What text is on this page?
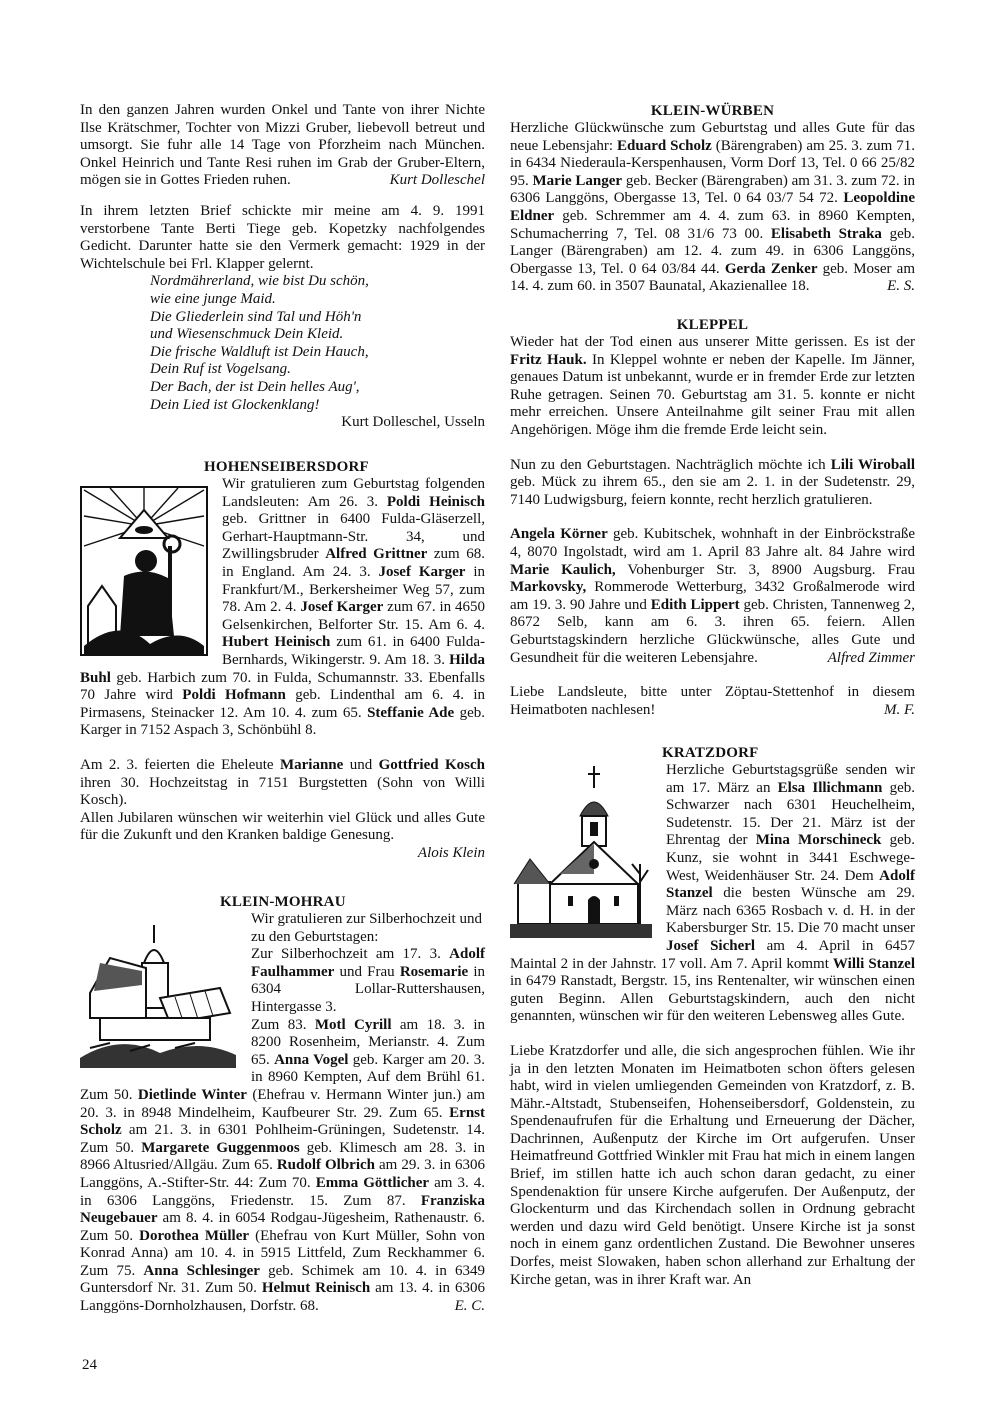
In den ganzen Jahren wurden Onkel und Tante von ihrer Nichte Ilse Krätschmer, Tochter von Mizzi Gruber, liebevoll betreut und umsorgt. Sie fuhr alle 14 Tage von Pforzheim nach München. Onkel Heinrich und Tante Resi ruhen im Grab der Gruber-Eltern, mögen sie in Gottes Frieden ruhen.	Kurt Dolleschel

In ihrem letzten Brief schickte mir meine am 4. 9. 1991 verstorbene Tante Berti Tiege geb. Kopetzky nachfolgendes Gedicht. Darunter hatte sie den Vermerk gemacht: 1929 in der Wichtelschule bei Frl. Klapper gelernt.

Nordmährerland, wie bist Du schön,
wie eine junge Maid.
Die Gliederlein sind Tal und Höh'n
und Wiesenschmuck Dein Kleid.
Die frische Waldluft ist Dein Hauch,
Dein Ruf ist Vogelsang.
Der Bach, der ist Dein helles Aug',
Dein Lied ist Glockenklang!
Kurt Dolleschel, Usseln
HOHENSEIBERSDORF

Wir gratulieren zum Geburtstag folgenden Landsleuten: Am 26. 3. Poldi Heinisch geb. Grittner in 6400 Fulda-Gläserzell, Gerhart-Hauptmann-Str. 34, und Zwillingsbruder Alfred Grittner zum 68. in England. Am 24. 3. Josef Karger in Frankfurt/M., Berkersheimer Weg 57, zum 78. Am 2. 4. Josef Karger zum 67. in 4650 Gelsenkirchen, Belforter Str. 15. Am 6. 4. Hubert Heinisch zum 61. in 6400 Fulda-Bernhards, Wikingerstr. 9. Am 18. 3. Hilda Buhl geb. Harbich zum 70. in Fulda, Schumannstr. 33. Ebenfalls 70 Jahre wird Poldi Hofmann geb. Lindenthal am 6. 4. in Pirmasens, Steinacker 12. Am 10. 4. zum 65. Steffanie Ade geb. Karger in 7152 Aspach 3, Schönbühl 8.

Am 2. 3. feierten die Eheleute Marianne und Gottfried Kosch ihren 30. Hochzeitstag in 7151 Burgstetten (Sohn von Willi Kosch).

Allen Jubilaren wünschen wir weiterhin viel Glück und alles Gute für die Zukunft und den Kranken baldige Genesung.

Alois Klein
KLEIN-MOHRAU

Wir gratulieren zur Silberhochzeit und zu den Geburtstagen:

Zur Silberhochzeit am 17. 3. Adolf Faulhammer und Frau Rosemarie in 6304 Lollar-Ruttershausen, Hintergasse 3.

Zum 83. Motl Cyrill am 18. 3. in 8200 Rosenheim, Merianstr. 4. Zum 65. Anna Vogel geb. Karger am 20. 3. in 8960 Kempten, Auf dem Brühl 61. Zum 50. Dietlinde Winter (Ehefrau v. Hermann Winter jun.) am 20. 3. in 8948 Mindelheim, Kaufbeurer Str. 29. Zum 65. Ernst Scholz am 21. 3. in 6301 Pohlheim-Grüningen, Sudetenstr. 14. Zum 50. Margarete Guggenmoos geb. Klimesch am 28. 3. in 8966 Altusried/Allgäu. Zum 65. Rudolf Olbrich am 29. 3. in 6306 Langgöns, A.-Stifter-Str. 44: Zum 70. Emma Göttlicher am 3. 4. in 6306 Langgöns, Friedenstr. 15. Zum 87. Franziska Neugebauer am 8. 4. in 6054 Rodgau-Jügesheim, Rathenaustr. 6. Zum 50. Dorothea Müller (Ehefrau von Kurt Müller, Sohn von Konrad Anna) am 10. 4. in 5915 Littfeld, Zum Reckhammer 6. Zum 75. Anna Schlesinger geb. Schimek am 10. 4. in 6349 Guntersdorf Nr. 31. Zum 50. Helmut Reinisch am 13. 4. in 6306 Langgöns-Dornholzhausen, Dorfstr. 68.	E. C.

KLEIN-WÜRBEN

Herzliche Glückwünsche zum Geburtstag und alles Gute für das neue Lebensjahr: Eduard Scholz (Bärengraben) am 25. 3. zum 71. in 6434 Niederaula-Kerspenhausen, Vorm Dorf 13, Tel. 0 66 25/82 95. Marie Langer geb. Becker (Bärengraben) am 31. 3. zum 72. in 6306 Langgöns, Obergasse 13, Tel. 0 64 03/7 54 72. Leopoldine Eldner geb. Schremmer am 4. 4. zum 63. in 8960 Kempten, Schumacherring 7, Tel. 08 31/6 73 00. Elisabeth Straka geb. Langer (Bärengraben) am 12. 4. zum 49. in 6306 Langgöns, Obergasse 13, Tel. 0 64 03/84 44. Gerda Zenker geb. Moser am 14. 4. zum 60. in 3507 Baunatal, Akazienallee 18.	E. S.

KLEPPEL

Wieder hat der Tod einen aus unserer Mitte gerissen. Es ist der Fritz Hauk. In Kleppel wohnte er neben der Kapelle. Im Jänner, genaues Datum ist unbekannt, wurde er in fremder Erde zur letzten Ruhe getragen. Seinen 70. Geburtstag am 31. 5. konnte er nicht mehr erreichen. Unsere Anteilnahme gilt seiner Frau mit allen Angehörigen. Möge ihm die fremde Erde leicht sein.

Nun zu den Geburtstagen. Nachträglich möchte ich Lili Wiroball geb. Mück zu ihrem 65., den sie am 2. 1. in der Sudetenstr. 29, 7140 Ludwigsburg, feiern konnte, recht herzlich gratulieren.

Angela Körner geb. Kubitschek, wohnhaft in der Einbröckstraße 4, 8070 Ingolstadt, wird am 1. April 83 Jahre alt. 84 Jahre wird Marie Kaulich, Vohenburger Str. 3, 8900 Augsburg. Frau Markovsky, Rommerode Wetterburg, 3432 Großalmerode wird am 19. 3. 90 Jahre und Edith Lippert geb. Christen, Tannenweg 2, 8672 Selb, kann am 6. 3. ihren 65. feiern. Allen Geburtstagskindern herzliche Glückwünsche, alles Gute und Gesundheit für die weiteren Lebensjahre.	Alfred Zimmer

Liebe Landsleute, bitte unter Zöptau-Stettenhof in diesem Heimatboten nachlesen!	M. F.

KRATZDORF

Herzliche Geburtstagsgrüße senden wir am 17. März an Elsa Illichmann geb. Schwarzer nach 6301 Heuchelheim, Sudetenstr. 15. Der 21. März ist der Ehrentag der Mina Morschineck geb. Kunz, sie wohnt in 3441 Eschwege-West, Weidenhäuser Str. 24. Dem Adolf Stanzel die besten Wünsche am 29. März nach 6365 Rosbach v. d. H. in der Kabersburger Str. 15. Die 70 macht unser Josef Sicherl am 4. April in 6457 Maintal 2 in der Jahnstr. 17 voll. Am 7. April kommt Willi Stanzel in 6479 Ranstadt, Bergstr. 15, ins Rentenalter, wir wünschen einen guten Beginn. Allen Geburtstagskindern, auch den nicht genannten, wünschen wir für den weiteren Lebensweg alles Gute.

Liebe Kratzdorfer und alle, die sich angesprochen fühlen. Wie ihr ja in den letzten Monaten im Heimatboten schon öfters gelesen habt, wird in vielen umliegenden Gemeinden von Kratzdorf, z. B. Mähr.-Altstadt, Stubenseifen, Hohenseibersdorf, Goldenstein, zu Spendenaufrufen für die Erhaltung und Erneuerung der Dächer, Dachrinnen, Außenputz der Kirche im Ort aufgerufen. Unser Heimatfreund Gottfried Winkler mit Frau hat mich in einem langen Brief, im stillen hatte ich auch schon daran gedacht, zu einer Spendenaktion für unsere Kirche aufgerufen. Der Außenputz, der Glockenturm und das Kirchendach sollen in Ordnung gebracht werden und dazu wird Geld benötigt. Unsere Kirche ist ja sonst noch in einem ganz ordentlichen Zustand. Die Bewohner unseres Dorfes, meist Slowaken, haben schon allerhand zur Erhaltung der Kirche getan, was in ihrer Kraft war. An

24
